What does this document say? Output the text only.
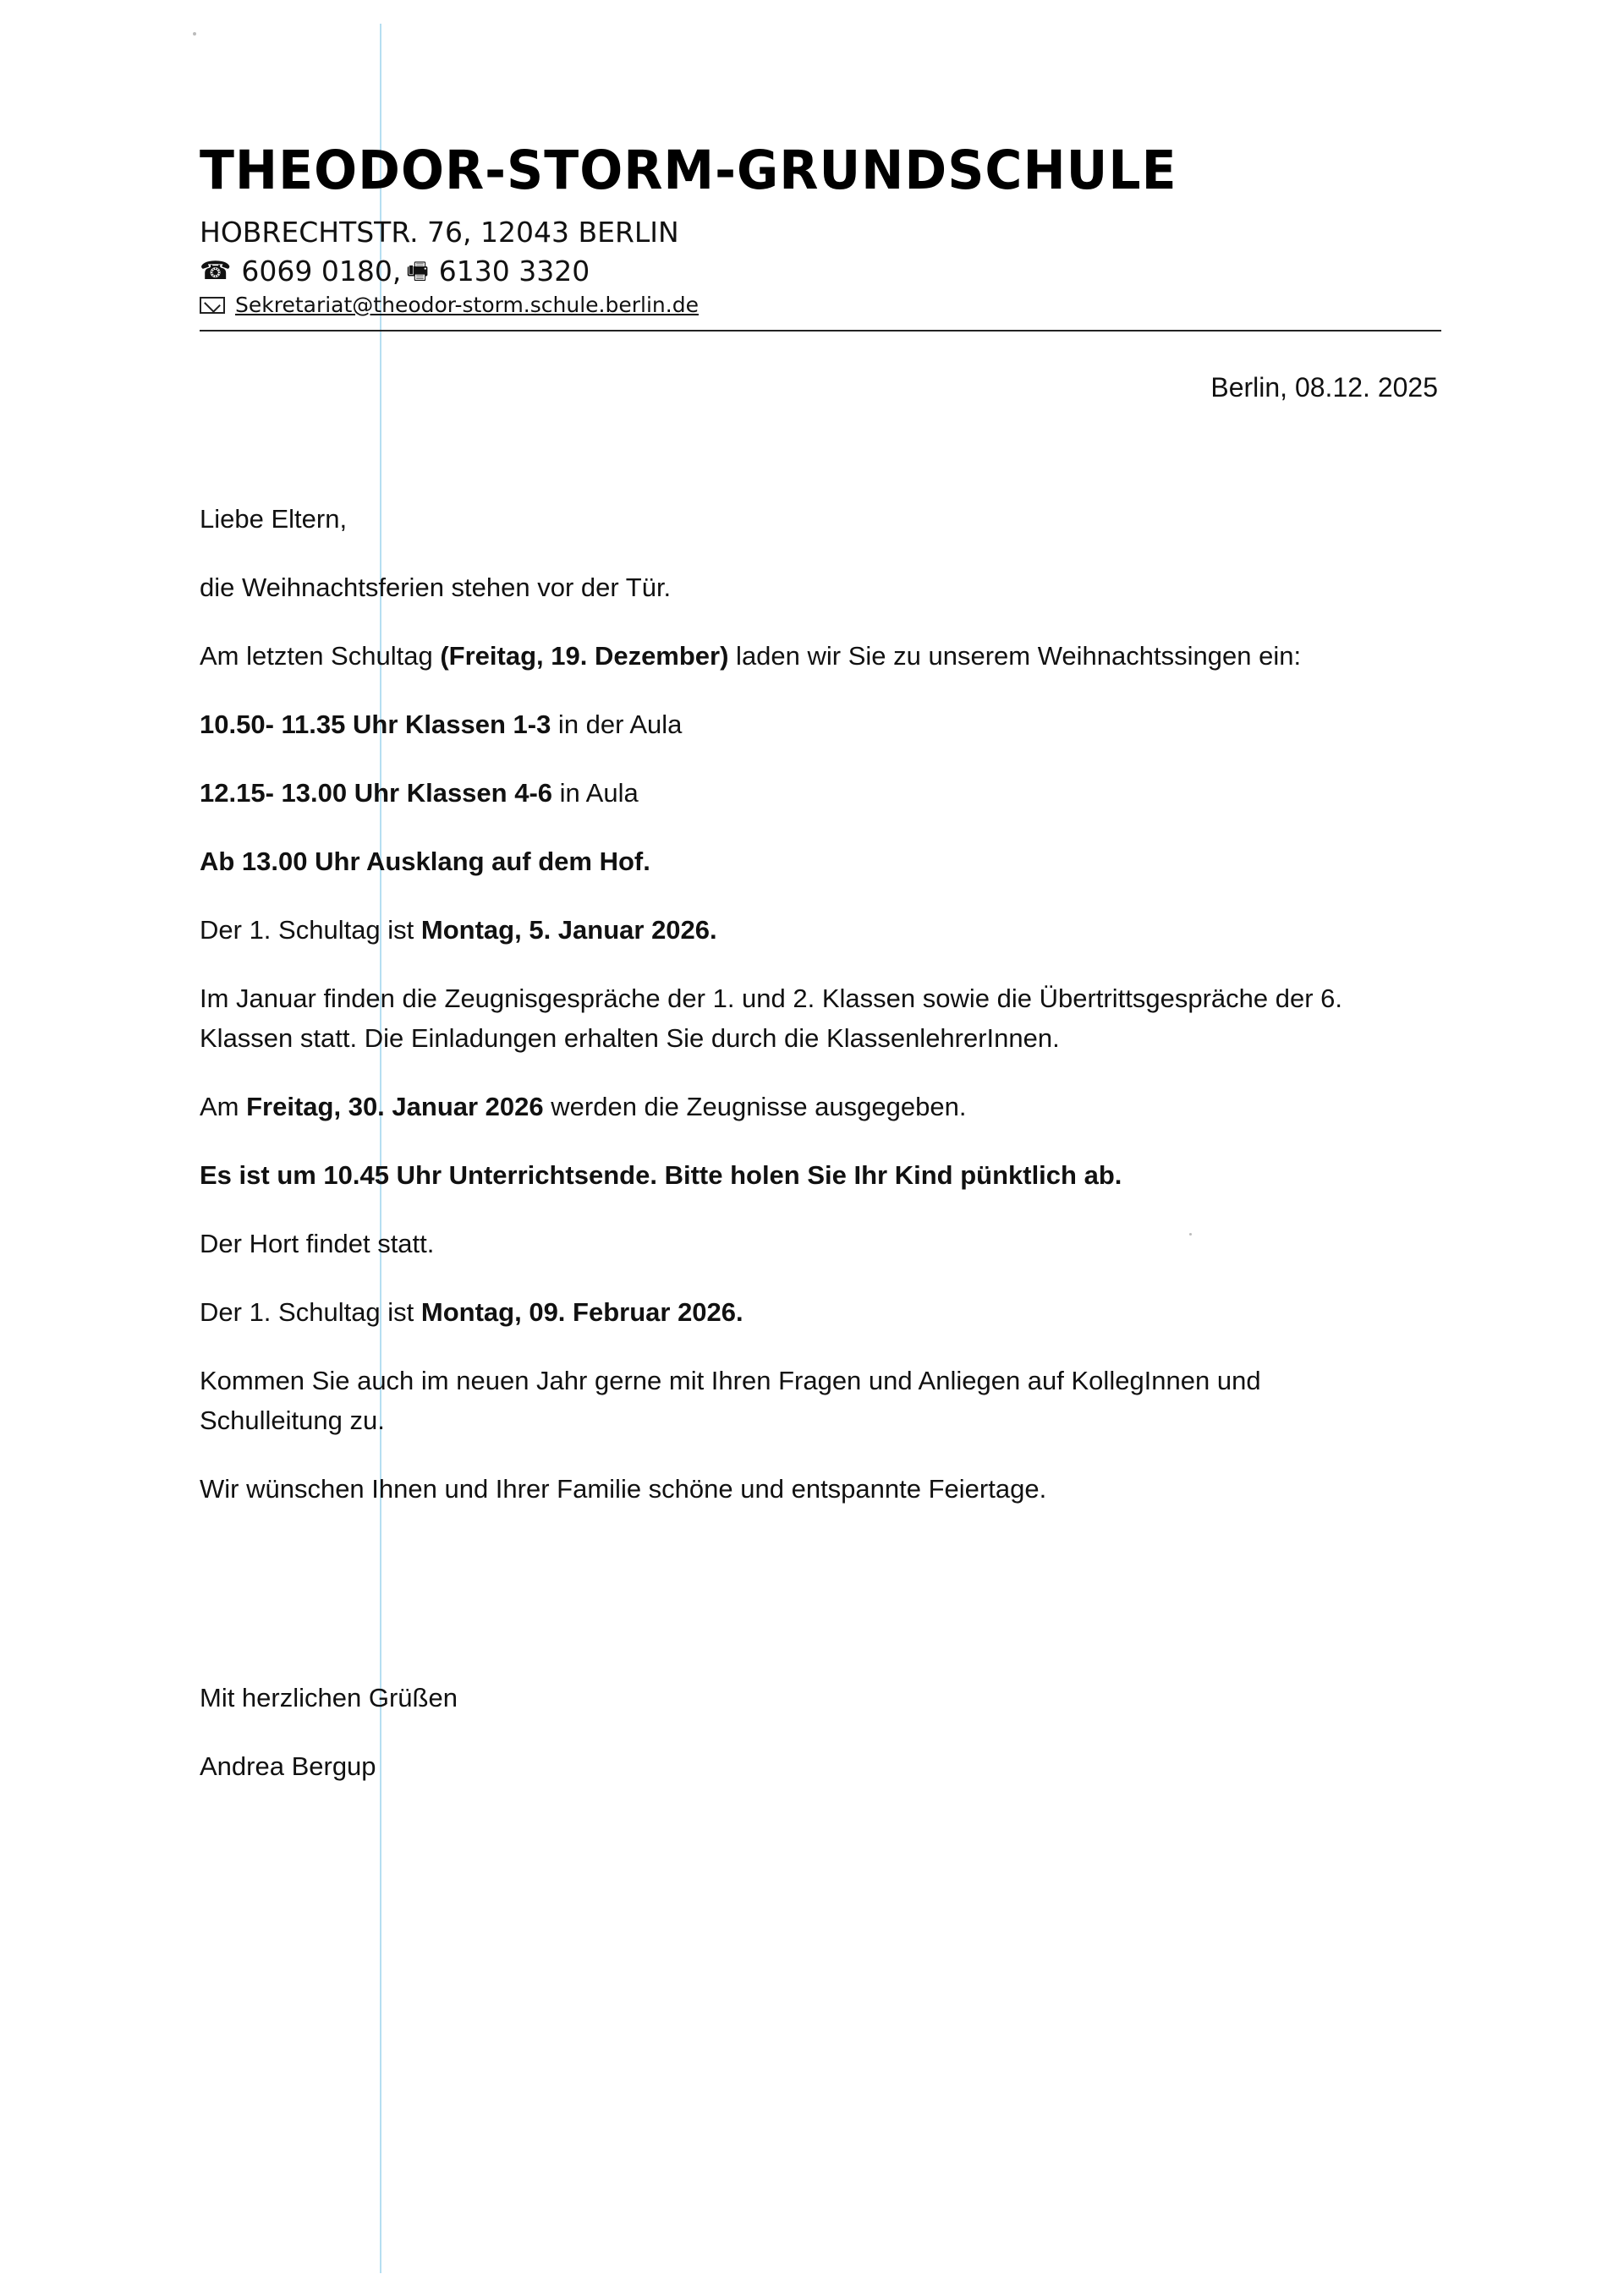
THEODOR-STORM-GRUNDSCHULE
HOBRECHTSTR. 76, 12043 BERLIN
☎ 6069 0180 , 🖷 6130 3320
Sekretariat@theodor-storm.schule.berlin.de
Berlin, 08.12. 2025

Liebe Eltern,

die Weihnachtsferien stehen vor der Tür.

Am letzten Schultag (Freitag, 19. Dezember) laden wir Sie zu unserem Weihnachtssingen ein:

10.50- 11.35 Uhr Klassen 1-3 in der Aula

12.15- 13.00 Uhr Klassen 4-6 in Aula

Ab 13.00 Uhr Ausklang auf dem Hof.

Der 1. Schultag ist Montag, 5. Januar 2026.

Im Januar finden die Zeugnisgespräche der 1. und 2. Klassen sowie die Übertrittsgespräche der 6.
Klassen statt. Die Einladungen erhalten Sie durch die KlassenlehrerInnen.

Am Freitag, 30. Januar 2026 werden die Zeugnisse ausgegeben.

Es ist um 10.45 Uhr Unterrichtsende. Bitte holen Sie Ihr Kind pünktlich ab.

Der Hort findet statt.

Der 1. Schultag ist Montag, 09. Februar 2026.

Kommen Sie auch im neuen Jahr gerne mit Ihren Fragen und Anliegen auf KollegInnen und
Schulleitung zu.

Wir wünschen Ihnen und Ihrer Familie schöne und entspannte Feiertage.

Mit herzlichen Grüßen

Andrea Bergup
